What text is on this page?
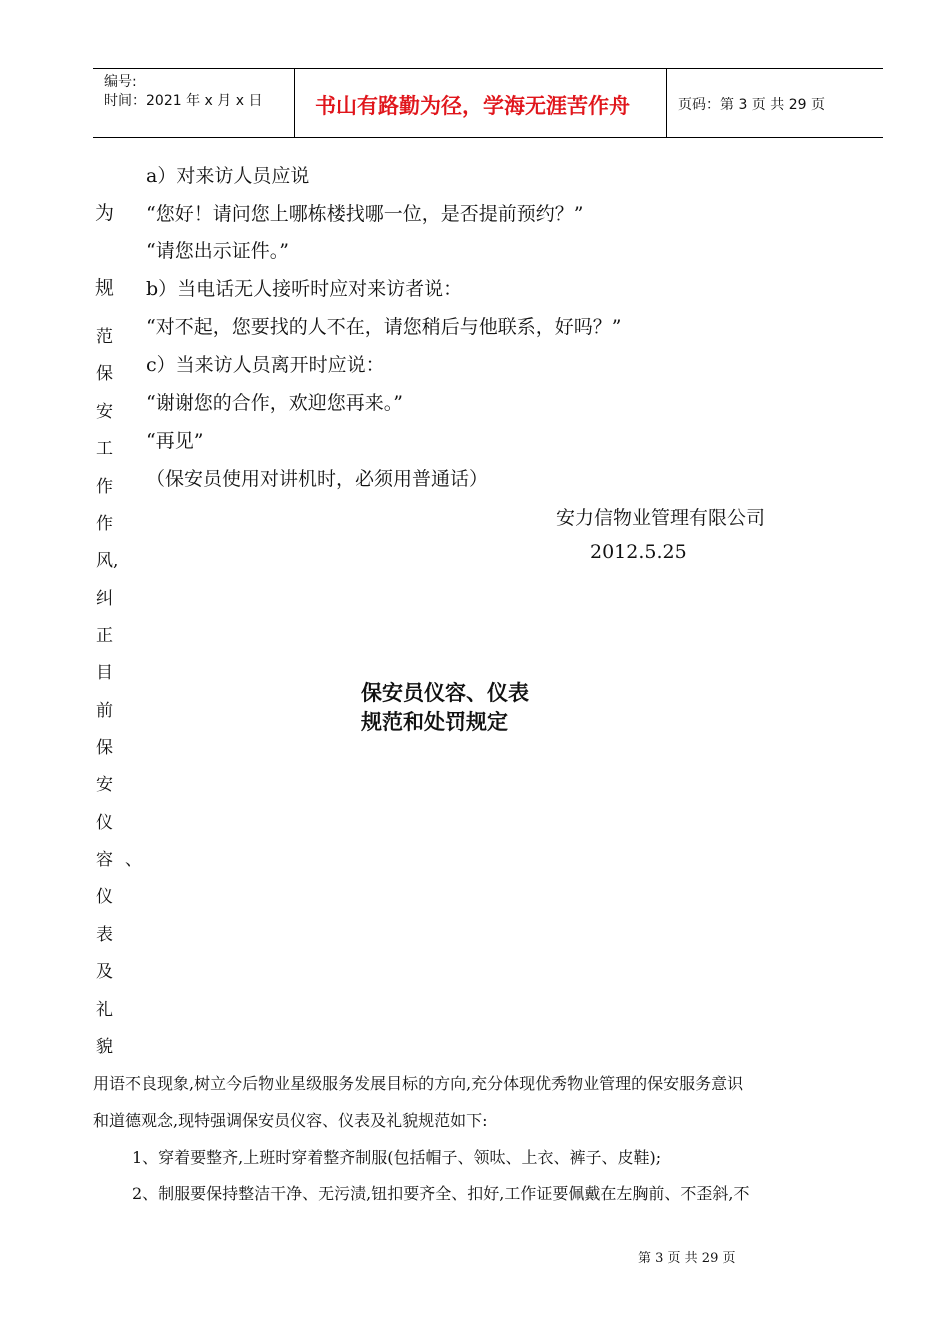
编号:
时间：2021 年 x 月 x 日	书山有路勤为径，学海无涯苦作舟	页码：第 3 页 共 29 页
为
规
范
保
安
工
作
作
风,
纠
正
目
前
保
安
仪
容 、
仪
表
及
礼
貌
a）对来访人员应说
“您好！请问您上哪栋楼找哪一位，是否提前预约？”
“请您出示证件。”
b）当电话无人接听时应对来访者说：
“对不起，您要找的人不在，请您稍后与他联系，好吗？”
c）当来访人员离开时应说：
“谢谢您的合作，欢迎您再来。”
“再见”
（保安员使用对讲机时，必须用普通话）
安力信物业管理有限公司
2012.5.25
保安员仪容、仪表
规范和处罚规定
用语不良现象,树立今后物业星级服务发展目标的方向,充分体现优秀物业管理的保安服务意识
和道德观念,现特强调保安员仪容、仪表及礼貌规范如下:
1、穿着要整齐,上班时穿着整齐制服(包括帽子、领呔、上衣、裤子、皮鞋);
2、制服要保持整洁干净、无污渍,钮扣要齐全、扣好,工作证要佩戴在左胸前、不歪斜,不
第 3 页 共 29 页
